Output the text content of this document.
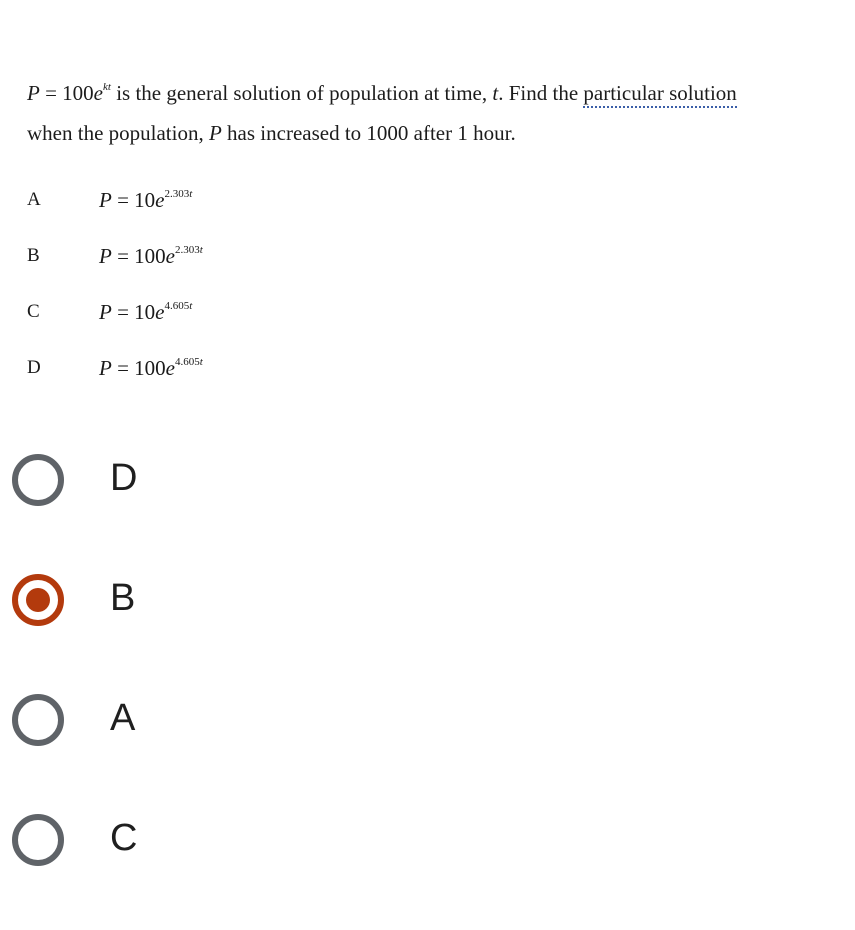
$P = 100e^{kt}$ is the general solution of population at time, t. Find the particular solution
when the population, P has increased to 1000 after 1 hour.
A	$P = 10e^{2.303t}$
B	$P = 100e^{2.303t}$
C	$P = 10e^{4.605t}$
D	$P = 100e^{4.605t}$
D
B
A
C
